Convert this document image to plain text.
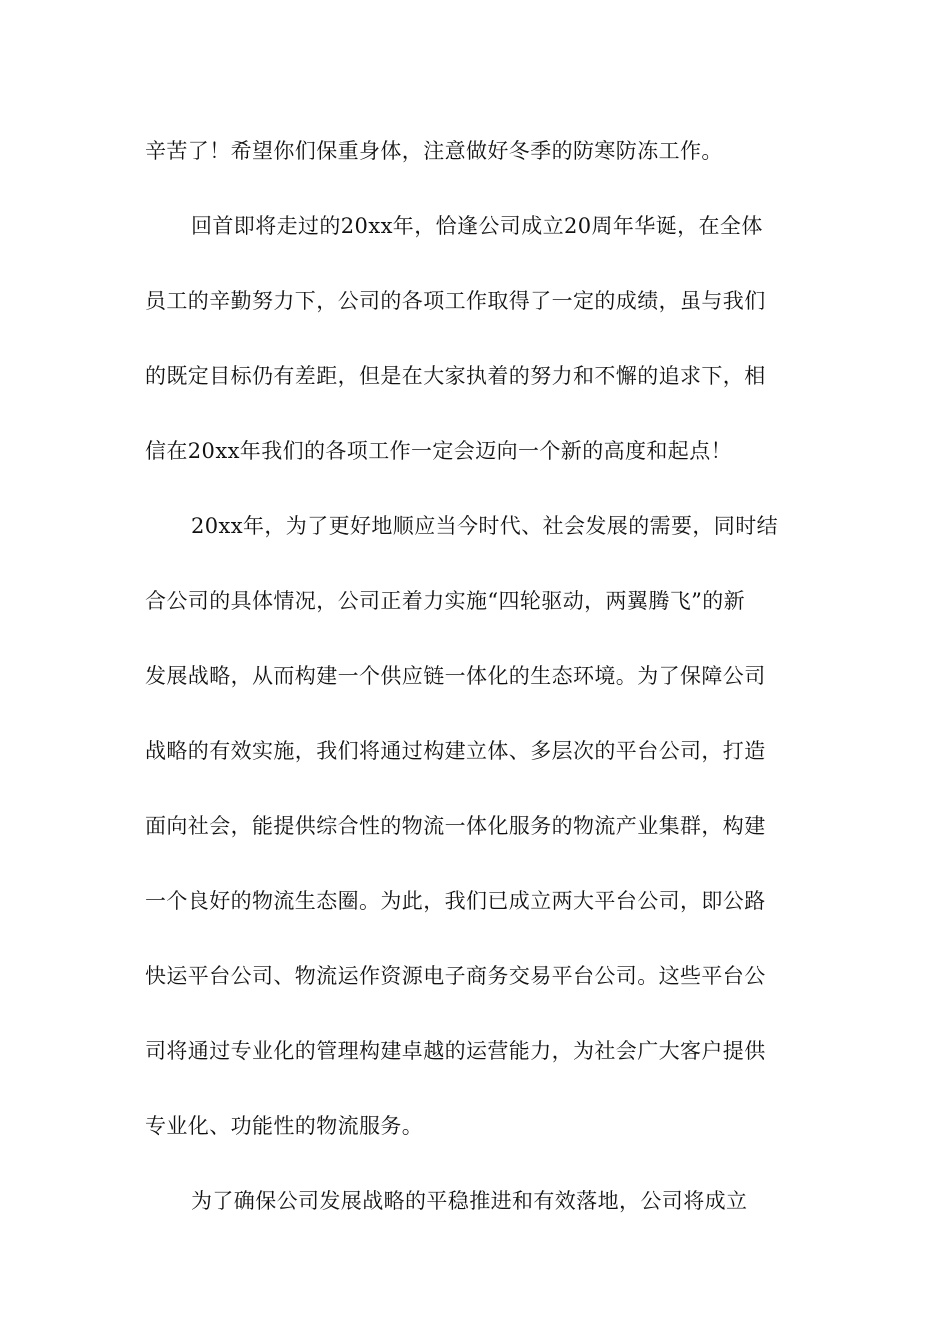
辛苦了！希望你们保重身体，注意做好冬季的防寒防冻工作。
回首即将走过的20xx年，恰逢公司成立20周年华诞，在全体
员工的辛勤努力下，公司的各项工作取得了一定的成绩，虽与我们
的既定目标仍有差距，但是在大家执着的努力和不懈的追求下，相
信在20xx年我们的各项工作一定会迈向一个新的高度和起点！
20xx年，为了更好地顺应当今时代、社会发展的需要，同时结
合公司的具体情况，公司正着力实施“四轮驱动，两翼腾飞”的新
发展战略，从而构建一个供应链一体化的生态环境。为了保障公司
战略的有效实施，我们将通过构建立体、多层次的平台公司，打造
面向社会，能提供综合性的物流一体化服务的物流产业集群，构建
一个良好的物流生态圈。为此，我们已成立两大平台公司，即公路
快运平台公司、物流运作资源电子商务交易平台公司。这些平台公
司将通过专业化的管理构建卓越的运营能力，为社会广大客户提供
专业化、功能性的物流服务。
为了确保公司发展战略的平稳推进和有效落地，公司将成立
